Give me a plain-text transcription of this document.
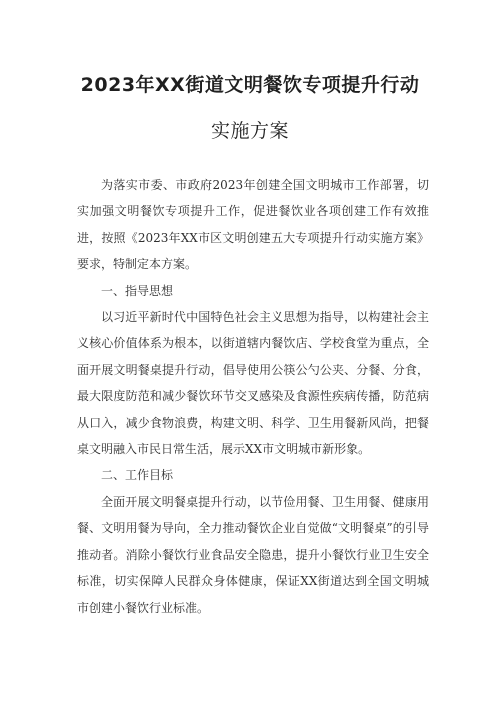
2023年XX街道文明餐饮专项提升行动
实施方案

为落实市委、市政府2023年创建全国文明城市工作部署，切实加强文明餐饮专项提升工作，促进餐饮业各项创建工作有效推进，按照《2023年XX市区文明创建五大专项提升行动实施方案》要求，特制定本方案。

一、指导思想

以习近平新时代中国特色社会主义思想为指导，以构建社会主义核心价值体系为根本，以街道辖内餐饮店、学校食堂为重点，全面开展文明餐桌提升行动，倡导使用公筷公勺公夹、分餐、分食，最大限度防范和减少餐饮环节交叉感染及食源性疾病传播，防范病从口入，减少食物浪费，构建文明、科学、卫生用餐新风尚，把餐桌文明融入市民日常生活，展示XX市文明城市新形象。

二、工作目标

全面开展文明餐桌提升行动，以节俭用餐、卫生用餐、健康用餐、文明用餐为导向，全力推动餐饮企业自觉做“文明餐桌”的引导推动者。消除小餐饮行业食品安全隐患，提升小餐饮行业卫生安全标准，切实保障人民群众身体健康，保证XX街道达到全国文明城市创建小餐饮行业标准。
